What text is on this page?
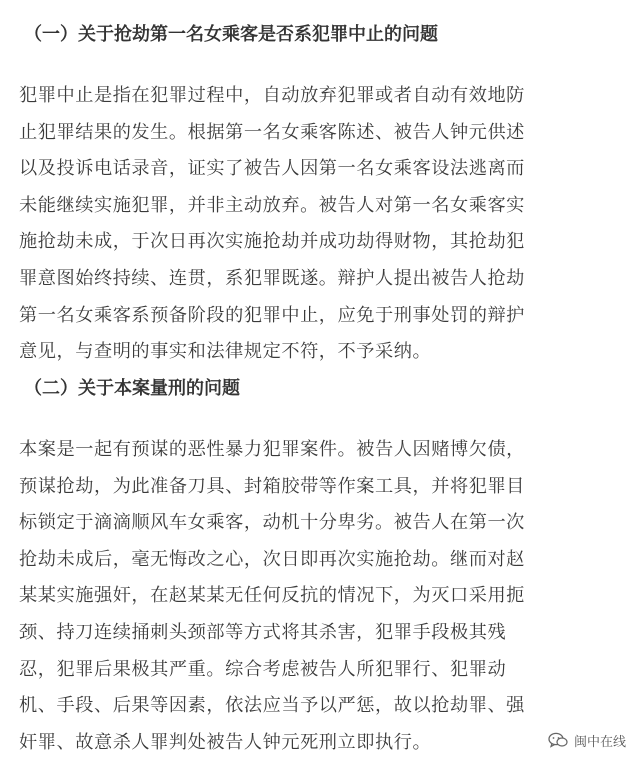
（一）关于抢劫第一名女乘客是否系犯罪中止的问题
犯罪中止是指在犯罪过程中，自动放弃犯罪或者自动有效地防
止犯罪结果的发生。根据第一名女乘客陈述、被告人钟元供述
以及投诉电话录音，证实了被告人因第一名女乘客设法逃离而
未能继续实施犯罪，并非主动放弃。被告人对第一名女乘客实
施抢劫未成，于次日再次实施抢劫并成功劫得财物，其抢劫犯
罪意图始终持续、连贯，系犯罪既遂。辩护人提出被告人抢劫
第一名女乘客系预备阶段的犯罪中止，应免于刑事处罚的辩护
意见，与查明的事实和法律规定不符，不予采纳。
（二）关于本案量刑的问题
本案是一起有预谋的恶性暴力犯罪案件。被告人因赌博欠债，
预谋抢劫，为此准备刀具、封箱胶带等作案工具，并将犯罪目
标锁定于滴滴顺风车女乘客，动机十分卑劣。被告人在第一次
抢劫未成后，毫无悔改之心，次日即再次实施抢劫。继而对赵
某某实施强奸，在赵某某无任何反抗的情况下，为灭口采用扼
颈、持刀连续捅刺头颈部等方式将其杀害，犯罪手段极其残
忍，犯罪后果极其严重。综合考虑被告人所犯罪行、犯罪动
机、手段、后果等因素，依法应当予以严惩，故以抢劫罪、强
奸罪、故意杀人罪判处被告人钟元死刑立即执行。	闽中在线
